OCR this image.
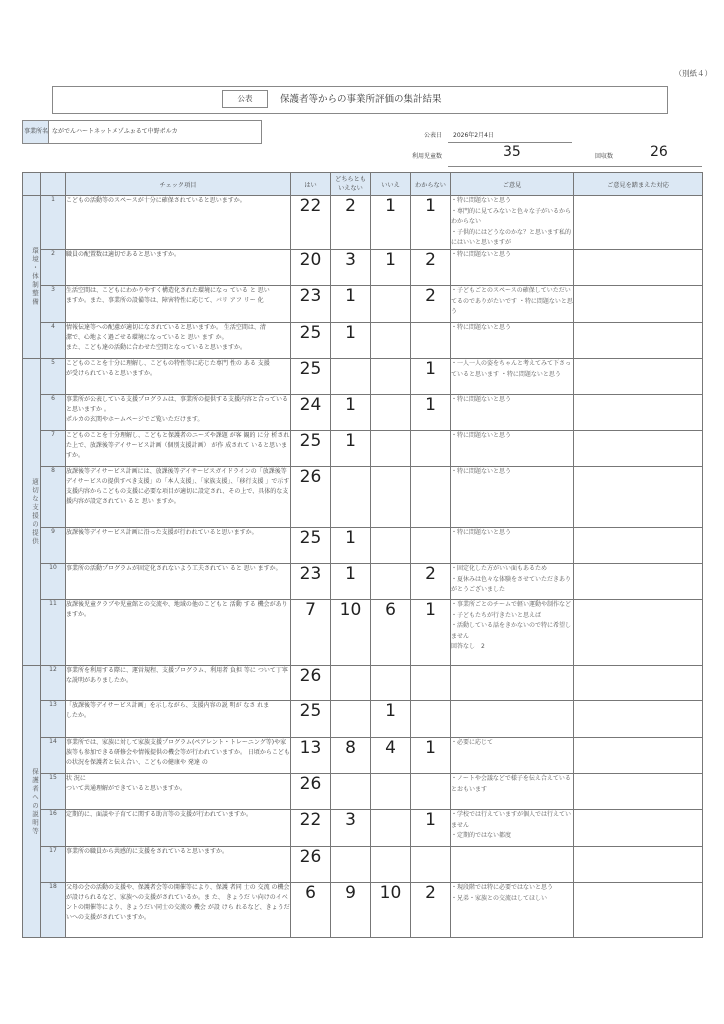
（別紙４）
公表	保護者等からの事業所評価の集計結果
事業所名 ながでんハートネットメゾふぉるて中野ポルカ
公表日 2026年2月4日
利用児童数	35	回収数	26
		チェック項目	はい	どちらとも
いえない	いいえ	わからない	ご意見	ご意見を踏まえた対応
環境・体制整備	1	こどもの活動等のスペースが十分に確保されていると思いますか。	22	2	1	1	・特に問題ないと思う
・専門的に見てみないと色々な子がいるからわからない
・子供的にはどうなのかな？と思います私的にはいいと思いますが	
	2	職員の配置数は適切であると思いますか。	20	3	1	2	・特に問題ないと思う	
	3	生活空間は、こどもにわかりやすく構造化された環境になっ ている と 思い
ますか。また、事業所の設備等は、障害特性に応じて、バリ アフ リー 化	23	1		2	・子どもごとのスペースの確保していただいてるのでありがたいです ・特に問題ないと思う	
	4	情報伝達等への配慮が適切になされていると思いますか。 生活空間は、清
潔で、心地よく過ごせる環境になっていると 思い ます か。
また、こども達の活動に合わせた空間となっていると思いますか。	25	1			・特に問題ないと思う	
適切な支援の提供	5	こどものことを十分に理解し、こどもの特性等に応じた専門 性の ある 支援
が受けられていると思いますか。	25			1	・一人一人の姿をちゃんと考えてみて下さっていると思います ・特に問題ないと思う	
	6	事業所が公表している支援プログラムは、事業所の提供する支援内容と合っていると思いますか 。
ポルカの玄関やホームページでご覧いただけます。	24	1		1	・特に問題ないと思う	
	7	こどものことを十分理解し、こどもと保護者のニーズや課題 が客 観的 に分 析された上で、放課後等デイサービス計画（個別支援計画） が作 成されて いると思いますか。	25	1			・特に問題ないと思う	
	8	放課後等デイサービス計画には、放課後等デイサービスガイドラインの「放課後等デイサービスの提供すべき支援」の「本人支援」、「家族支援」、「移行支援 」で示す支援内容からこどもの支援に必要な項目が適切に設定され、その上で、具体的な支援内容が設定されてい ると 思い ますか。	26				・特に問題ないと思う	
	9	放課後等デイサービス計画に沿った支援が行われていると思いますか。	25	1			・特に問題ないと思う	
	10	事業所の活動プログラムが固定化されないよう工夫されてい ると 思い ますか。	23	1		2	・固定化した方がいい面もあるため
・夏休みは色々な体験をさせていただきありがとうございました	
	11	放課後児童クラブや児童館との交流や、地域の他のこどもと 活動 する 機会がありますか。	7	10	6	1	・事業所ごとのチームで軽い運動や制作など
・子どもたちが行きたいと思えば
・活動している話をきかないので特に希望しません
回答なし　2	
保護者への説明等	12	事業所を利用する際に、運営規程、支援プログラム、利用者 負担 等に ついて丁寧な説明がありましたか。	26					
	13	「放課後等デイサービス計画」を示しながら、支援内容の説 明が なさ れま
したか。	25		1			
	14	事業所では、家族に対して家族支援プログラム(ペアレント・トレーニング等)や家族等も参加できる研修会や情報提供の機会等が行われていますか。 日頃からこどもの状況を保護者と伝え合い、こどもの健康や 発達 の	13	8	4	1	・必要に応じて	
	15	状 況に
ついて共通理解ができていると思いますか。	26				・ノートや会議などで様子を伝え合えているとおもいます	
	16	定期的に、面談や子育てに関する助言等の支援が行われていますか。	22	3		1	・学校では行えていますが個人では行えていません
・定期的ではない都度	
	17	事業所の職員から共感的に支援をされていると思いますか。	26					
	18	父母の会の活動の支援や、保護者会等の開催等により、保護 者同 士の 交流 の機会が設けられるなど、家族への支援がされているか。ま た、 きょうだ い向けのイベントの開催等により、きょうだい同士の交流の 機会 が設 けら れるなど、きょうだいへの支援がされていますか。	6	9	10	2	・現段階では特に必要ではないと思う
・兄弟・家族との交流はしてほしい	
